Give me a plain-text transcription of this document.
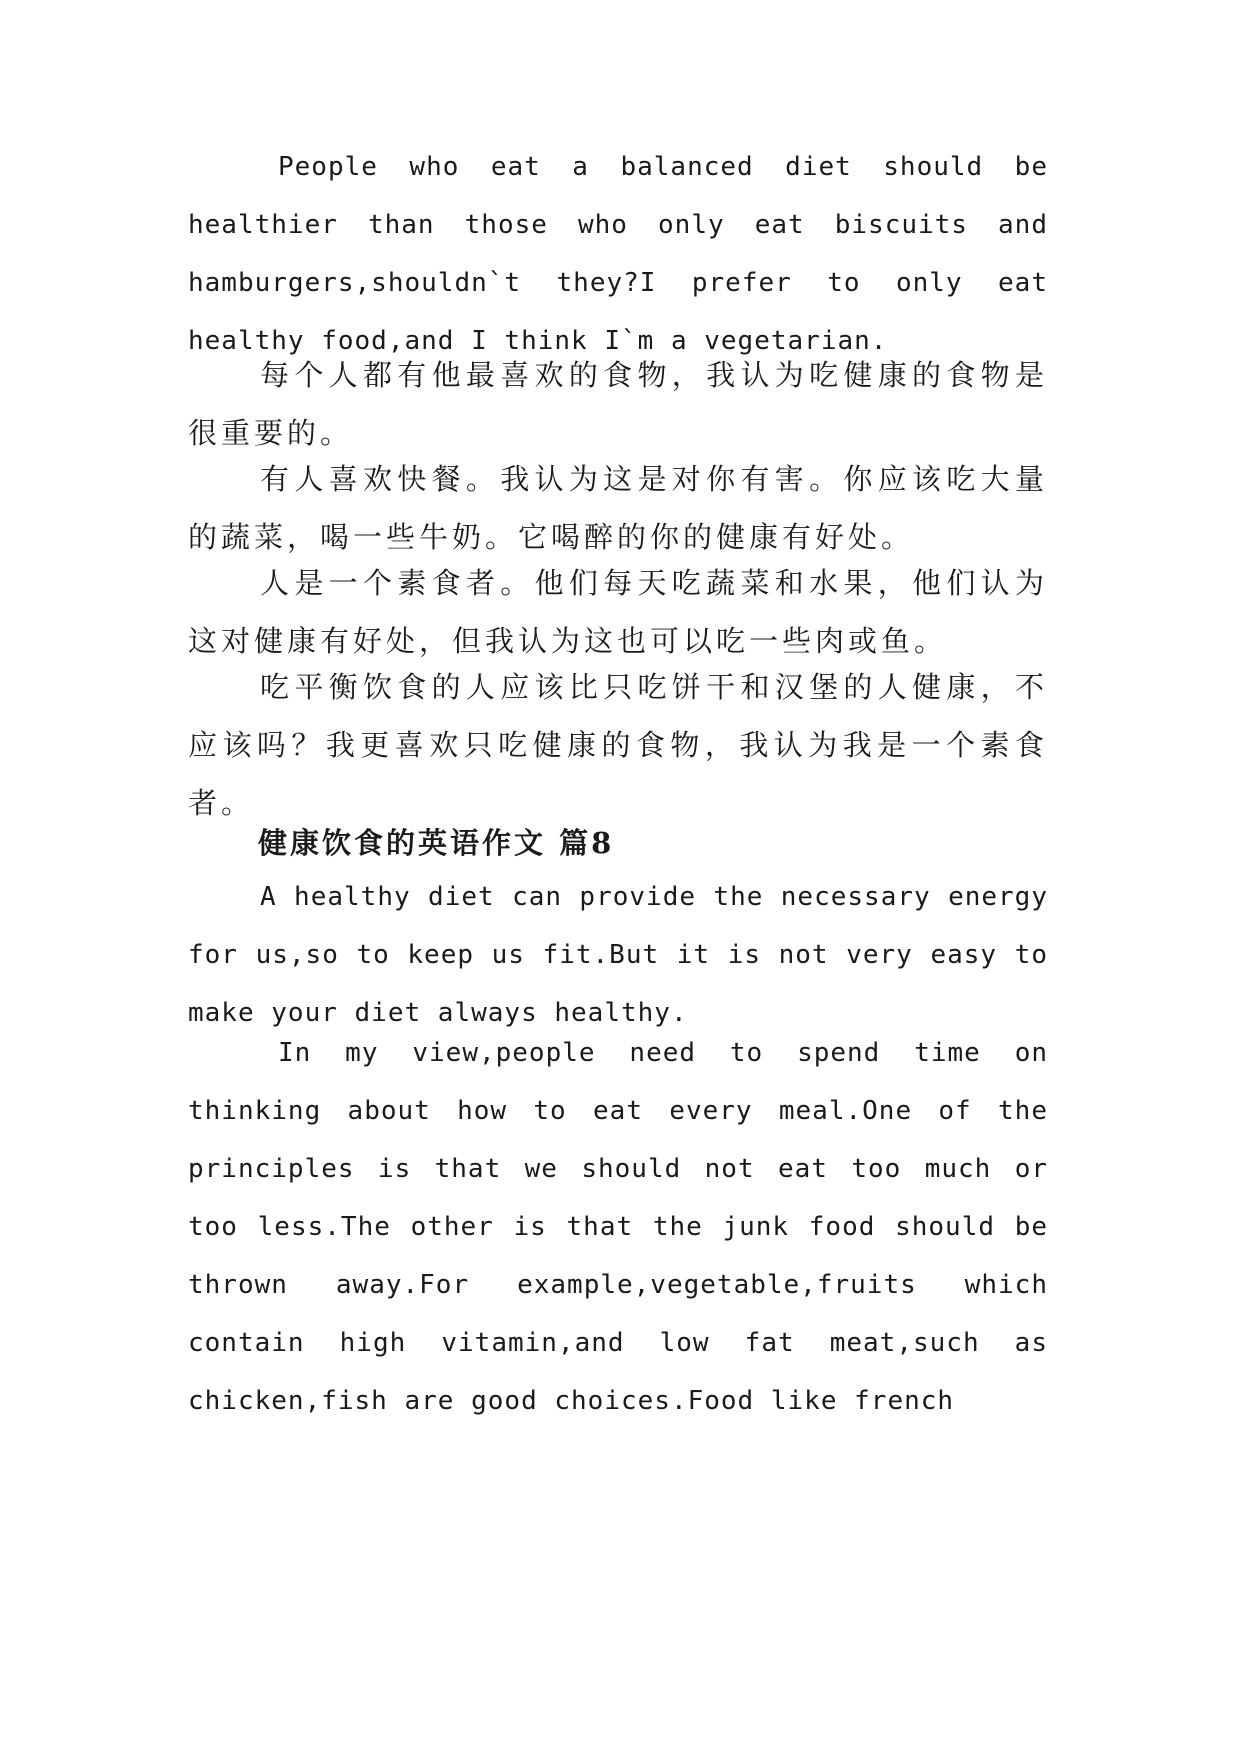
People who eat a balanced diet should be healthier than those who only eat biscuits and hamburgers,shouldn`t they?I prefer to only eat healthy food,and I think I`m a vegetarian.

每个人都有他最喜欢的食物，我认为吃健康的食物是很重要的。

有人喜欢快餐。我认为这是对你有害。你应该吃大量的蔬菜，喝一些牛奶。它喝醉的你的健康有好处。

人是一个素食者。他们每天吃蔬菜和水果，他们认为这对健康有好处，但我认为这也可以吃一些肉或鱼。

吃平衡饮食的人应该比只吃饼干和汉堡的人健康，不应该吗？我更喜欢只吃健康的食物，我认为我是一个素食者。

健康饮食的英语作文 篇8

A healthy diet can provide the necessary energy for us,so to keep us fit.But it is not very easy to make your diet always healthy.

In my view,people need to spend time on thinking about how to eat every meal.One of the principles is that we should not eat too much or too less.The other is that the junk food should be thrown away.For example,vegetable,fruits which contain high vitamin,and low fat meat,such as chicken,fish are good choices.Food like french
